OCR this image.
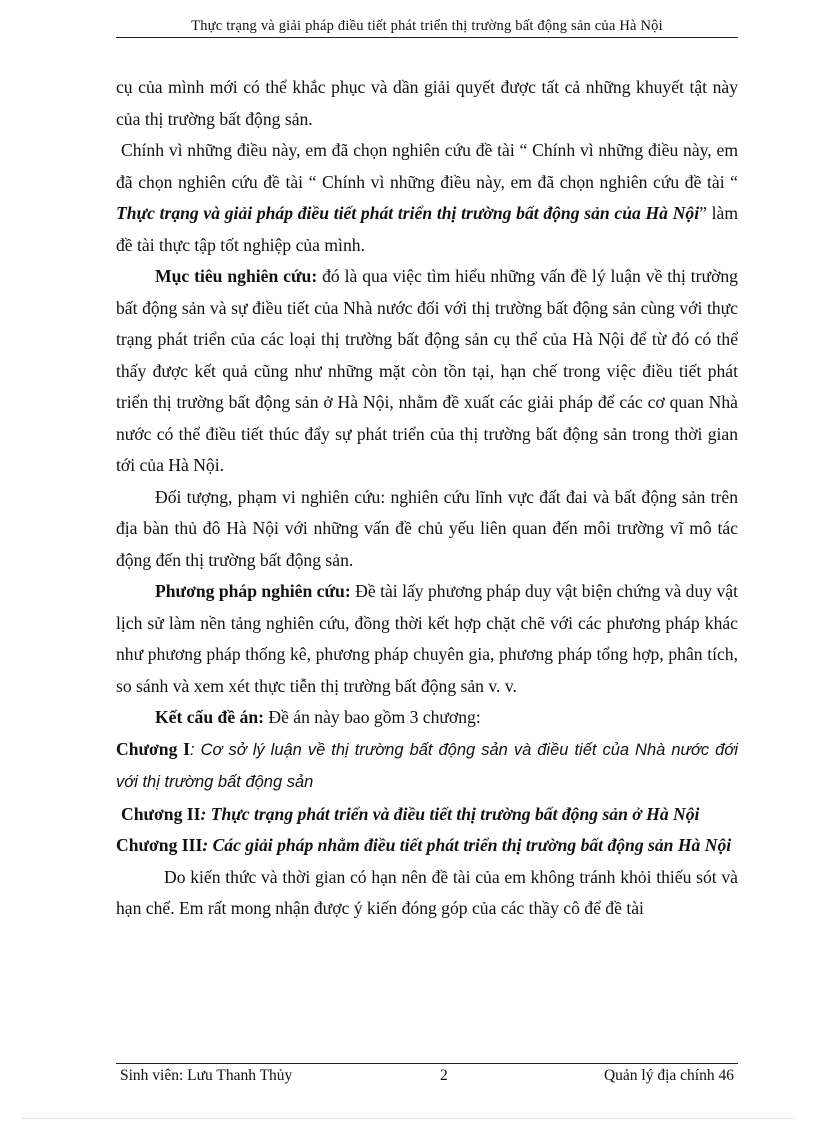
Thực trạng và giải pháp điều tiết phát triển thị trường bất động sản của Hà Nội

cụ của mình mới có thể khắc phục và dần giải quyết được tất cả những khuyết tật này của thị trường bất động sản.

Chính vì những điều này, em đã chọn nghiên cứu đề tài “ Chính vì những điều này, em đã chọn nghiên cứu đề tài “ Chính vì những điều này, em đã chọn nghiên cứu đề tài “ Thực trạng và giải pháp điều tiết phát triển thị trường bất động sản của Hà Nội” làm đề tài thực tập tốt nghiệp của mình.

Mục tiêu nghiên cứu: đó là qua việc tìm hiểu những vấn đề lý luận về thị trường bất động sản và sự điều tiết của Nhà nước đối với thị trường bất động sản cùng với thực trạng phát triển của các loại thị trường bất động sản cụ thể của Hà Nội để từ đó có thể thấy được kết quả cũng như những mặt còn tồn tại, hạn chế trong việc điều tiết phát triển thị trường bất động sản ở Hà Nội, nhằm đề xuất các giải pháp để các cơ quan Nhà nước có thể điều tiết thúc đẩy sự phát triển của thị trường bất động sản trong thời gian tới của Hà Nội.

Đối tượng, phạm vi nghiên cứu: nghiên cứu lĩnh vực đất đai và bất động sản trên địa bàn thủ đô Hà Nội với những vấn đề chủ yếu liên quan đến môi trường vĩ mô tác động đến thị trường bất động sản.

Phương pháp nghiên cứu: Đề tài lấy phương pháp duy vật biện chứng và duy vật lịch sử làm nền tảng nghiên cứu, đồng thời kết hợp chặt chẽ với các phương pháp khác như phương pháp thống kê, phương pháp chuyên gia, phương pháp tổng hợp, phân tích, so sánh và xem xét thực tiễn thị trường bất động sản v. v.

Kết cấu đề án: Đề án này bao gồm 3 chương:

Chương I: Cơ sở lý luận về thị trường bất động sản và điều tiết của Nhà nước đới với thị trường bất động sản

Chương II: Thực trạng phát triển và điều tiết thị trường bất động sản ở Hà Nội

Chương III: Các giải pháp nhằm điều tiết phát triển thị trường bất động sản Hà Nội

Do kiến thức và thời gian có hạn nên đề tài của em không tránh khỏi thiếu sót và hạn chế. Em rất mong nhận được ý kiến đóng góp của các thầy cô để đề tài

Sinh viên: Lưu Thanh Thủy	2	Quản lý địa chính 46
